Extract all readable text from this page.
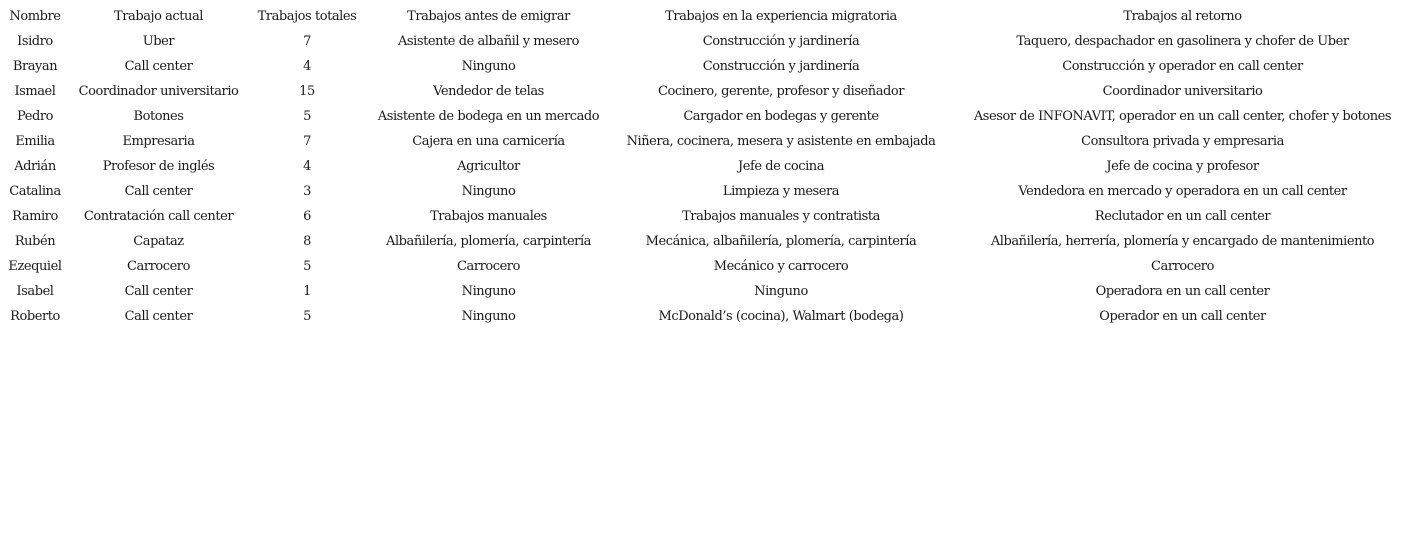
Nombre	Trabajo actual	Trabajos totales	Trabajos antes de emigrar	Trabajos en la experiencia migratoria	Trabajos al retorno
Isidro	Uber	7	Asistente de albañil y mesero	Construcción y jardinería	Taquero, despachador en gasolinera y chofer de Uber
Brayan	Call center	4	Ninguno	Construcción y jardinería	Construcción y operador en call center
Ismael	Coordinador universitario	15	Vendedor de telas	Cocinero, gerente, profesor y diseñador	Coordinador universitario
Pedro	Botones	5	Asistente de bodega en un mercado	Cargador en bodegas y gerente	Asesor de INFONAVIT, operador en un call center, chofer y botones
Emilia	Empresaria	7	Cajera en una carnicería	Niñera, cocinera, mesera y asistente en embajada	Consultora privada y empresaria
Adrián	Profesor de inglés	4	Agricultor	Jefe de cocina	Jefe de cocina y profesor
Catalina	Call center	3	Ninguno	Limpieza y mesera	Vendedora en mercado y operadora en un call center
Ramiro	Contratación call center	6	Trabajos manuales	Trabajos manuales y contratista	Reclutador en un call center
Rubén	Capataz	8	Albañilería, plomería, carpintería	Mecánica, albañilería, plomería, carpintería	Albañilería, herrería, plomería y encargado de mantenimiento
Ezequiel	Carrocero	5	Carrocero	Mecánico y carrocero	Carrocero
Isabel	Call center	1	Ninguno	Ninguno	Operadora en un call center
Roberto	Call center	5	Ninguno	McDonald’s (cocina), Walmart (bodega)	Operador en un call center
